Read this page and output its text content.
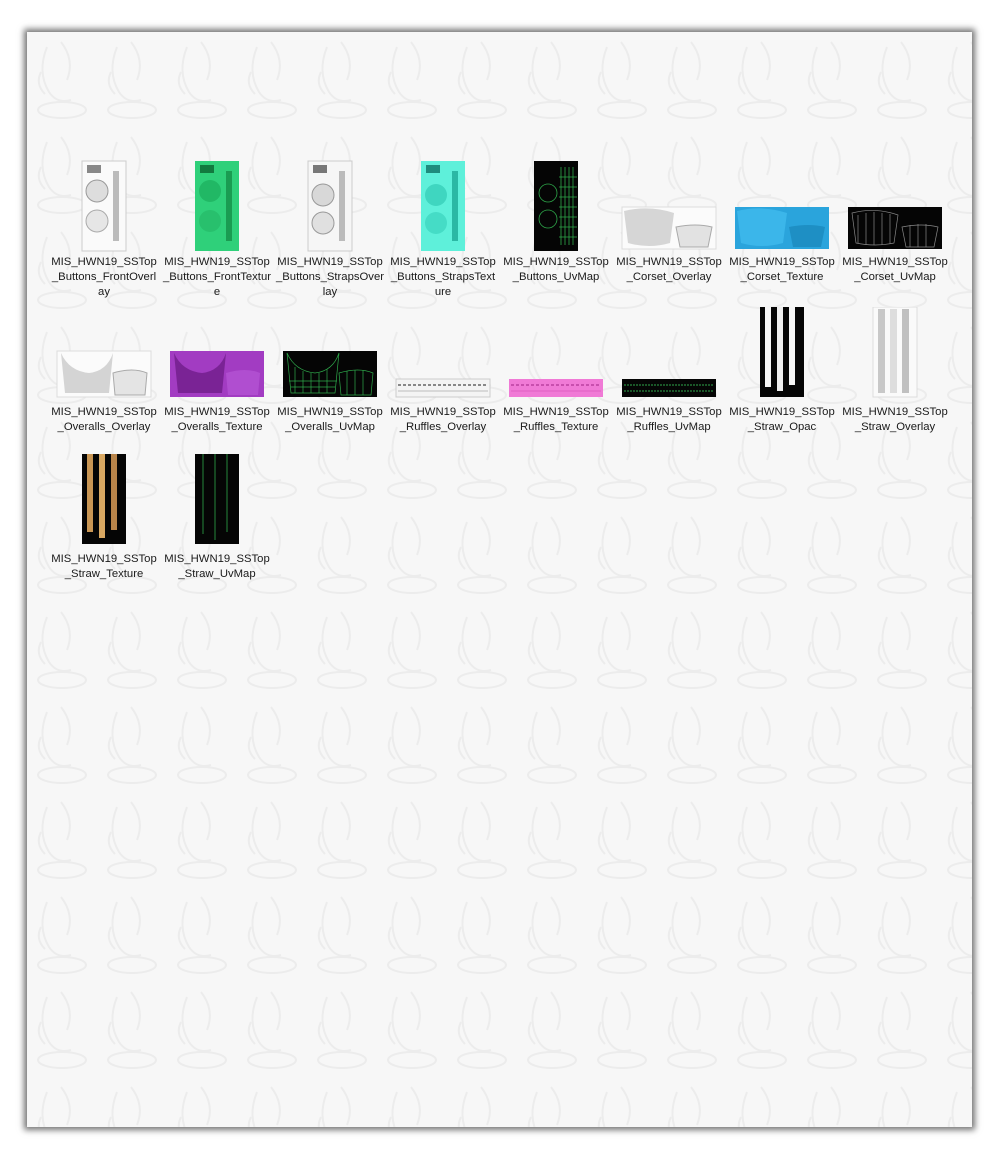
MIS_HWN19_SSTop_Buttons_FrontOverlay
MIS_HWN19_SSTop_Buttons_FrontTexture
MIS_HWN19_SSTop_Buttons_StrapsOverlay
MIS_HWN19_SSTop_Buttons_StrapsTexture
MIS_HWN19_SSTop_Buttons_UvMap
MIS_HWN19_SSTop_Corset_Overlay
MIS_HWN19_SSTop_Corset_Texture
MIS_HWN19_SSTop_Corset_UvMap
MIS_HWN19_SSTop_Overalls_Overlay
MIS_HWN19_SSTop_Overalls_Texture
MIS_HWN19_SSTop_Overalls_UvMap
MIS_HWN19_SSTop_Ruffles_Overlay
MIS_HWN19_SSTop_Ruffles_Texture
MIS_HWN19_SSTop_Ruffles_UvMap
MIS_HWN19_SSTop_Straw_Opac
MIS_HWN19_SSTop_Straw_Overlay
MIS_HWN19_SSTop_Straw_Texture
MIS_HWN19_SSTop_Straw_UvMap
